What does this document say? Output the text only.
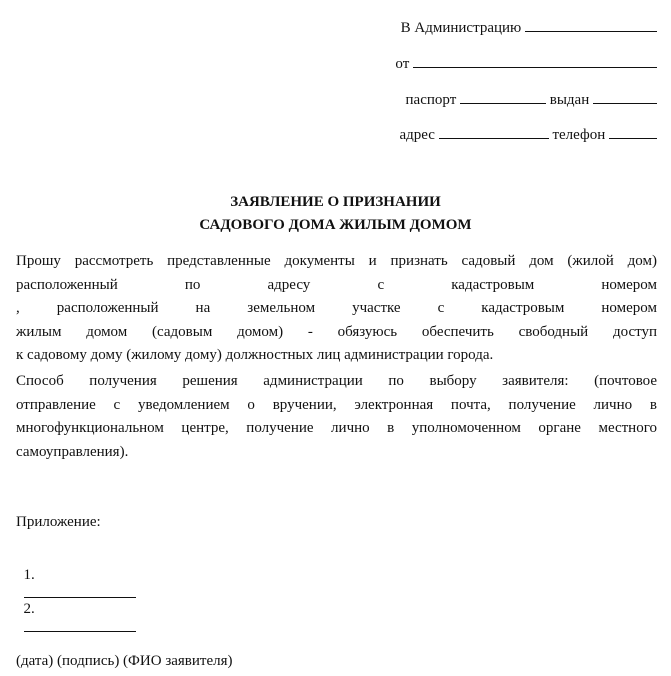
В Администрацию
от
паспорт	выдан
адрес	телефон
ЗАЯВЛЕНИЕ О ПРИЗНАНИИ
САДОВОГО ДОМА ЖИЛЫМ ДОМОМ
Прошу рассмотреть представленные документы и признать садовый дом (жилой дом)
расположенный по адресу	с кадастровым номером
, расположенный на земельном участке с кадастровым номером
жилым домом (садовым домом) - обязуюсь обеспечить свободный доступ
к садовому дому (жилому дому) должностных лиц администрации города.
Способ получения решения администрации по выбору заявителя: (почтовое
отправление с уведомлением о вручении, электронная почта, получение лично в
многофункциональном центре, получение лично в уполномоченном органе местного
самоуправления).
Приложение:

1.

2.

(дата) (подпись) (ФИО заявителя)
